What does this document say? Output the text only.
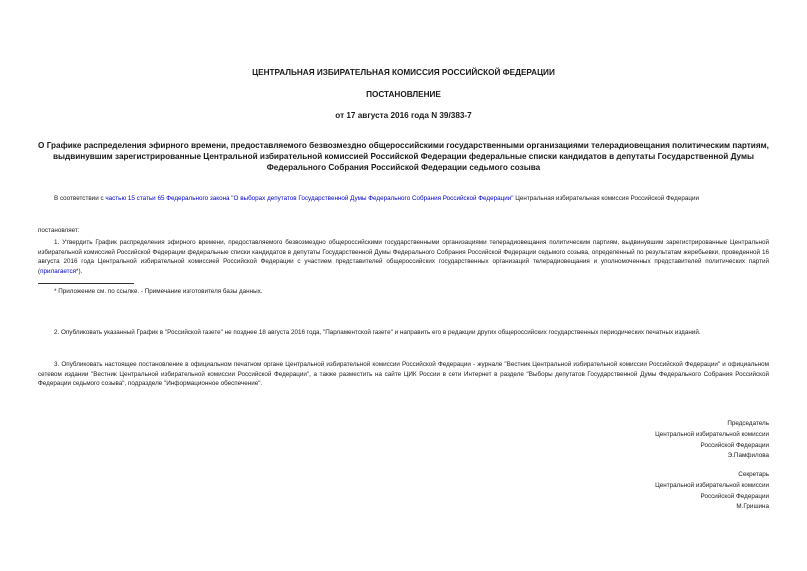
ЦЕНТРАЛЬНАЯ ИЗБИРАТЕЛЬНАЯ КОМИССИЯ РОССИЙСКОЙ ФЕДЕРАЦИИ
ПОСТАНОВЛЕНИЕ
от 17 августа 2016 года N 39/383-7
О Графике распределения эфирного времени, предоставляемого безвозмездно общероссийскими государственными организациями телерадиовещания политическим партиям, выдвинувшим зарегистрированные Центральной избирательной комиссией Российской Федерации федеральные списки кандидатов в депутаты Государственной Думы Федерального Собрания Российской Федерации седьмого созыва
В соответствии с частью 15 статьи 65 Федерального закона "О выборах депутатов Государственной Думы Федерального Собрания Российской Федерации" Центральная избирательная комиссия Российской Федерации
постановляет:
1. Утвердить График распределения эфирного времени, предоставляемого безвозмездно общероссийскими государственными организациями телерадиовещания политическим партиям, выдвинувшим зарегистрированные Центральной избирательной комиссией Российской Федерации федеральные списки кандидатов в депутаты Государственной Думы Федерального Собрания Российской Федерации седьмого созыва, определенный по результатам жеребьевки, проведенной 16 августа 2016 года Центральной избирательной комиссией Российской Федерации с участием представителей общероссийских государственных организаций телерадиовещания и уполномоченных представителей политических партий (прилагается*).
* Приложение см. по ссылке. - Примечание изготовителя базы данных.
2. Опубликовать указанный График в "Российской газете" не позднее 18 августа 2016 года, "Парламентской газете" и направить его в редакции других общероссийских государственных периодических печатных изданий.
3. Опубликовать настоящее постановление в официальном печатном органе Центральной избирательной комиссии Российской Федерации - журнале "Вестник Центральной избирательной комиссии Российской Федерации" и официальном сетевом издании "Вестник Центральной избирательной комиссии Российской Федерации", а также разместить на сайте ЦИК России в сети Интернет в разделе "Выборы депутатов Государственной Думы Федерального Собрания Российской Федерации седьмого созыва", подразделе "Информационное обеспечение".
Председатель
Центральной избирательной комиссии
Российской Федерации
Э.Памфилова
Секретарь
Центральной избирательной комиссии
Российской Федерации
М.Гришина
